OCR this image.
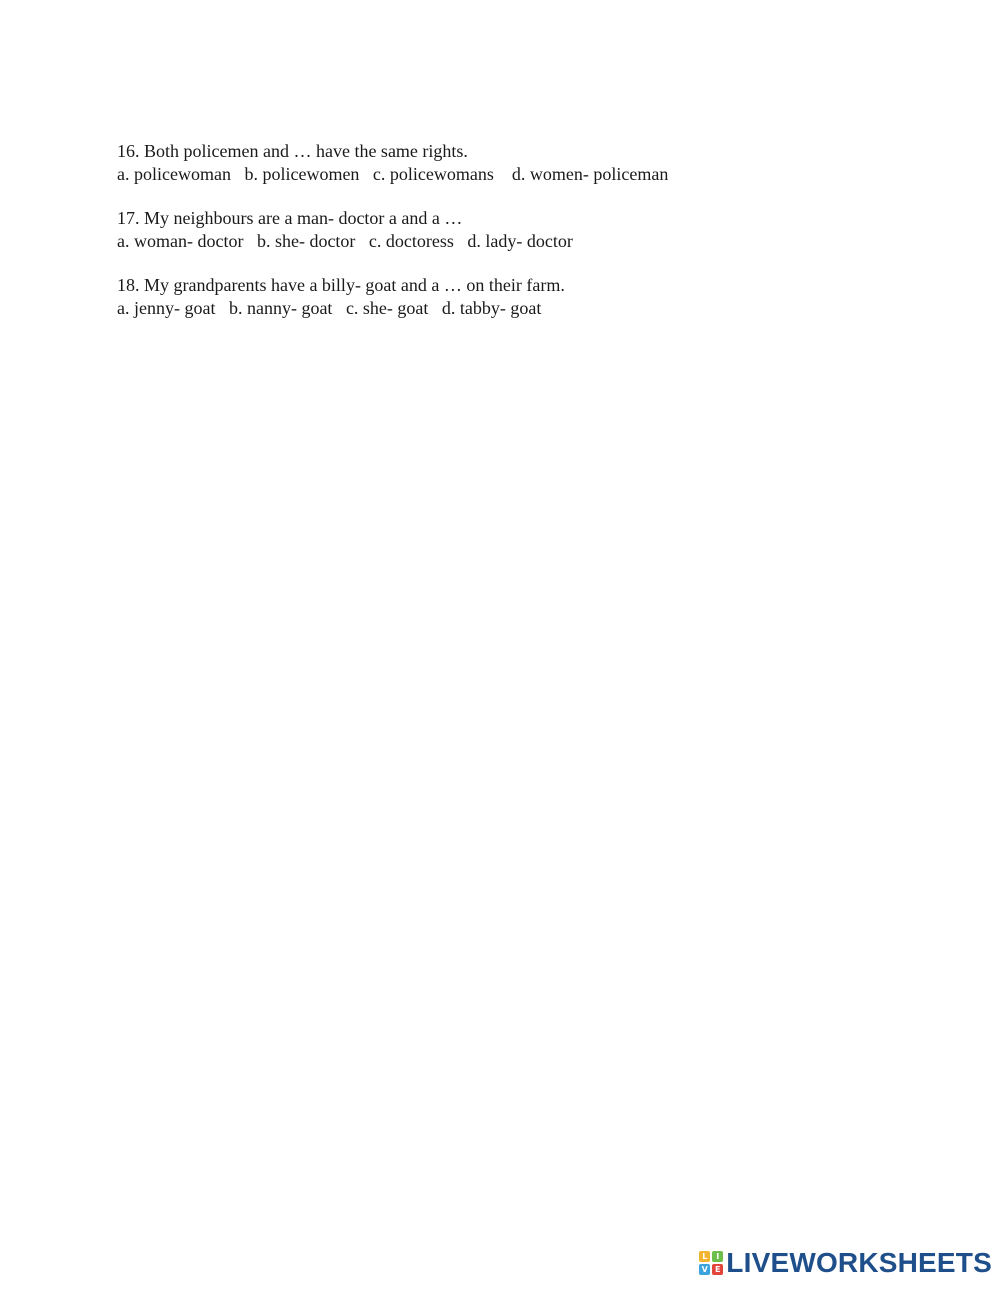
16. Both policemen and … have the same rights.

a. policewoman   b. policewomen   c. policewomans    d. women- policeman

17. My neighbours are a man- doctor a and a …

a. woman- doctor   b. she- doctor   c. doctoress   d. lady- doctor

18. My grandparents have a billy- goat and a … on their farm.

a. jenny- goat   b. nanny- goat   c. she- goat   d. tabby- goat

L	I
V E LIVEWORKSHEETS
